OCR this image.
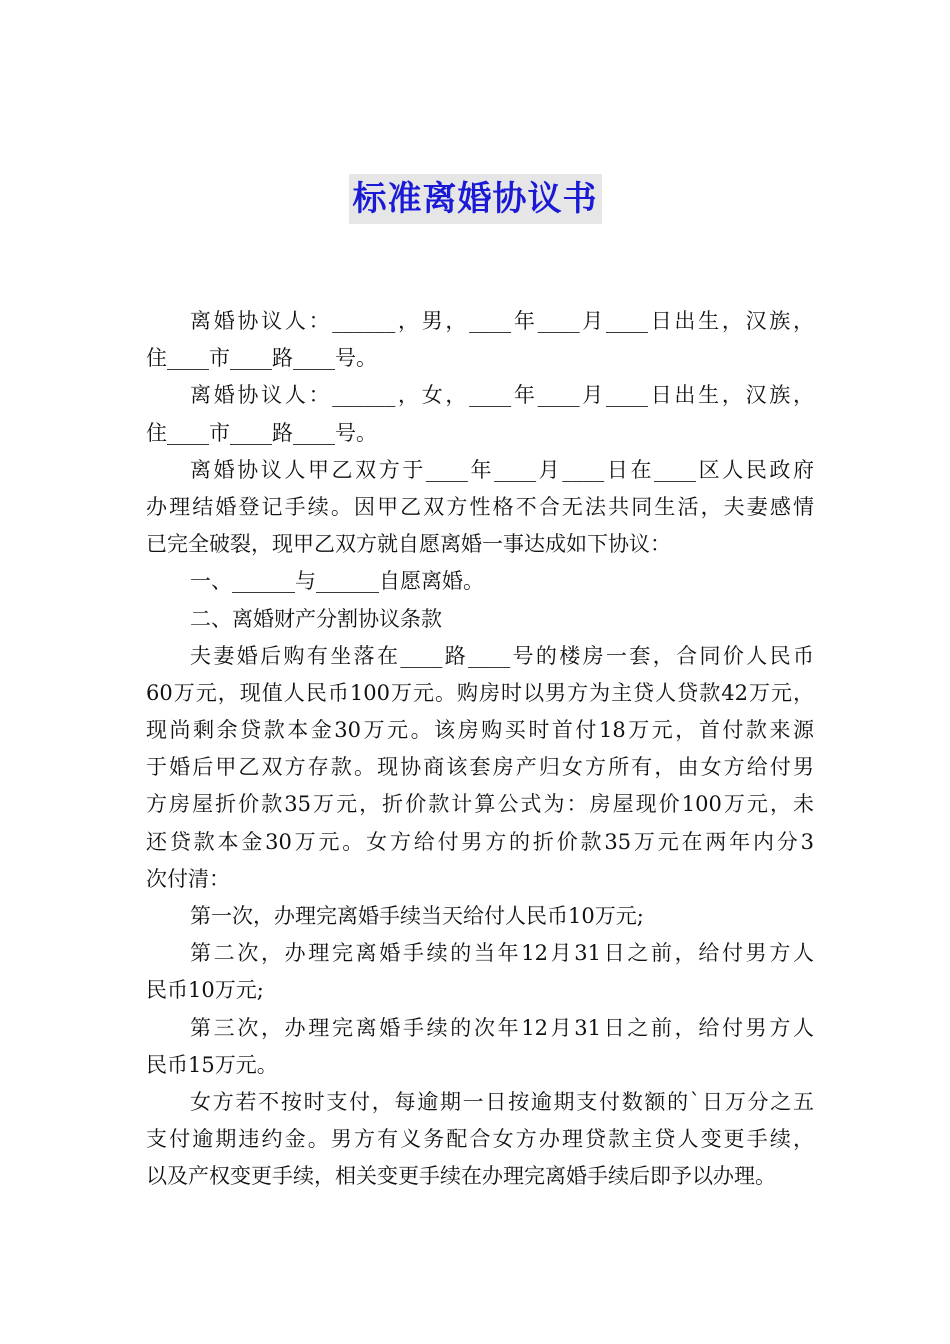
标准离婚协议书
离婚协议人：______，男，____年____月____日出生，汉族，
住____市____路____号。
离婚协议人：______，女，____年____月____日出生，汉族，
住____市____路____号。
离婚协议人甲乙双方于____年____月____日在____区人民政府
办理结婚登记手续。因甲乙双方性格不合无法共同生活，夫妻感情
已完全破裂，现甲乙双方就自愿离婚一事达成如下协议：
一、______与______自愿离婚。
二、离婚财产分割协议条款
夫妻婚后购有坐落在____路____号的楼房一套，合同价人民币
60万元，现值人民币100万元。购房时以男方为主贷人贷款42万元，
现尚剩余贷款本金30万元。该房购买时首付18万元，首付款来源
于婚后甲乙双方存款。现协商该套房产归女方所有，由女方给付男
方房屋折价款35万元，折价款计算公式为：房屋现价100万元，未
还贷款本金30万元。女方给付男方的折价款35万元在两年内分3
次付清：
第一次，办理完离婚手续当天给付人民币10万元;
第二次，办理完离婚手续的当年12月31日之前，给付男方人
民币10万元;
第三次，办理完离婚手续的次年12月31日之前，给付男方人
民币15万元。
女方若不按时支付，每逾期一日按逾期支付数额的`日万分之五
支付逾期违约金。男方有义务配合女方办理贷款主贷人变更手续，
以及产权变更手续，相关变更手续在办理完离婚手续后即予以办理。
